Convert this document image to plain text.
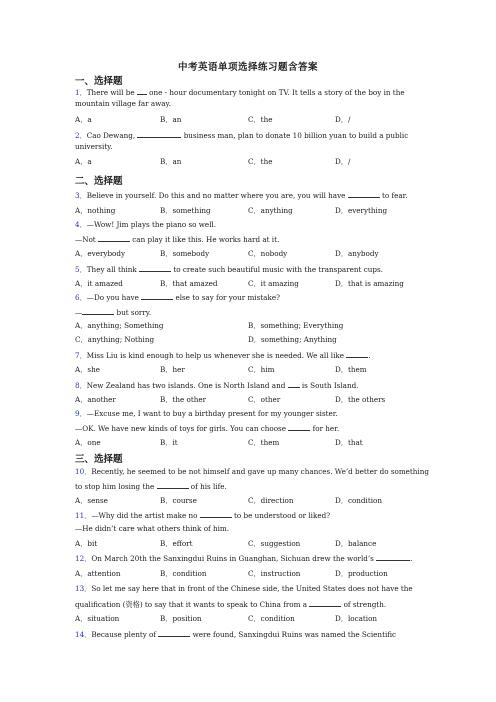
中考英语单项选择练习题含答案
一、选择题
1．There will be  one - hour documentary tonight on TV. It tells a story of the boy in the
mountain village far away.
A．a	B．an	C．the	D．/
2．Cao Dewang,	business man, plan to donate 10 billion yuan to build a public
university.
A．a	B．an	C．the	D．/
二、选择题
3．Believe in yourself. Do this and no matter where you are, you will have	to fear.
A．nothing	B．something	C．anything	D．everything
4．—Wow! Jim plays the piano so well.
—Not	can play it like this. He works hard at it.
A．everybody	B．somebody	C．nobody	D．anybody
5．They all think	to create such beautiful music with the transparent cups.
A．it amazed	B．that amazed	C．it amazing	D．that is amazing
6．—Do you have	else to say for your mistake?
—	but sorry.
A．anything; Something	B．something; Everything
C．anything; Nothing	D．something; Anything
7．Miss Liu is kind enough to help us whenever she is needed. We all like	.
A．she	B．her	C．him	D．them
8．New Zealand has two islands. One is North Island and  is South Island.
A．another	B．the other	C．other	D．the others
9．—Excuse me, I want to buy a birthday present for my younger sister.
—OK. We have new kinds of toys for girls. You can choose	for her.
A．one	B．it	C．them	D．that
三、选择题
10．Recently, he seemed to be not himself and gave up many chances. We’d better do something
to stop him losing the	of his life.
A．sense	B．course	C．direction	D．condition
11．—Why did the artist make no	to be understood or liked?
—He didn’t care what others think of him.
A．bit	B．effort	C．suggestion	D．balance
12．On March 20th the Sanxingdui Ruins in Guanghan, Sichuan drew the world’s	.
A．attention	B．condition	C．instruction	D．production
13．So let me say here that in front of the Chinese side, the United States does not have the
qualification (资格) to say that it wants to speak to China from a	of strength.
A．situation	B．position	C．condition	D．location
14．Because plenty of	were found, Sanxingdui Ruins was named the Scientific
